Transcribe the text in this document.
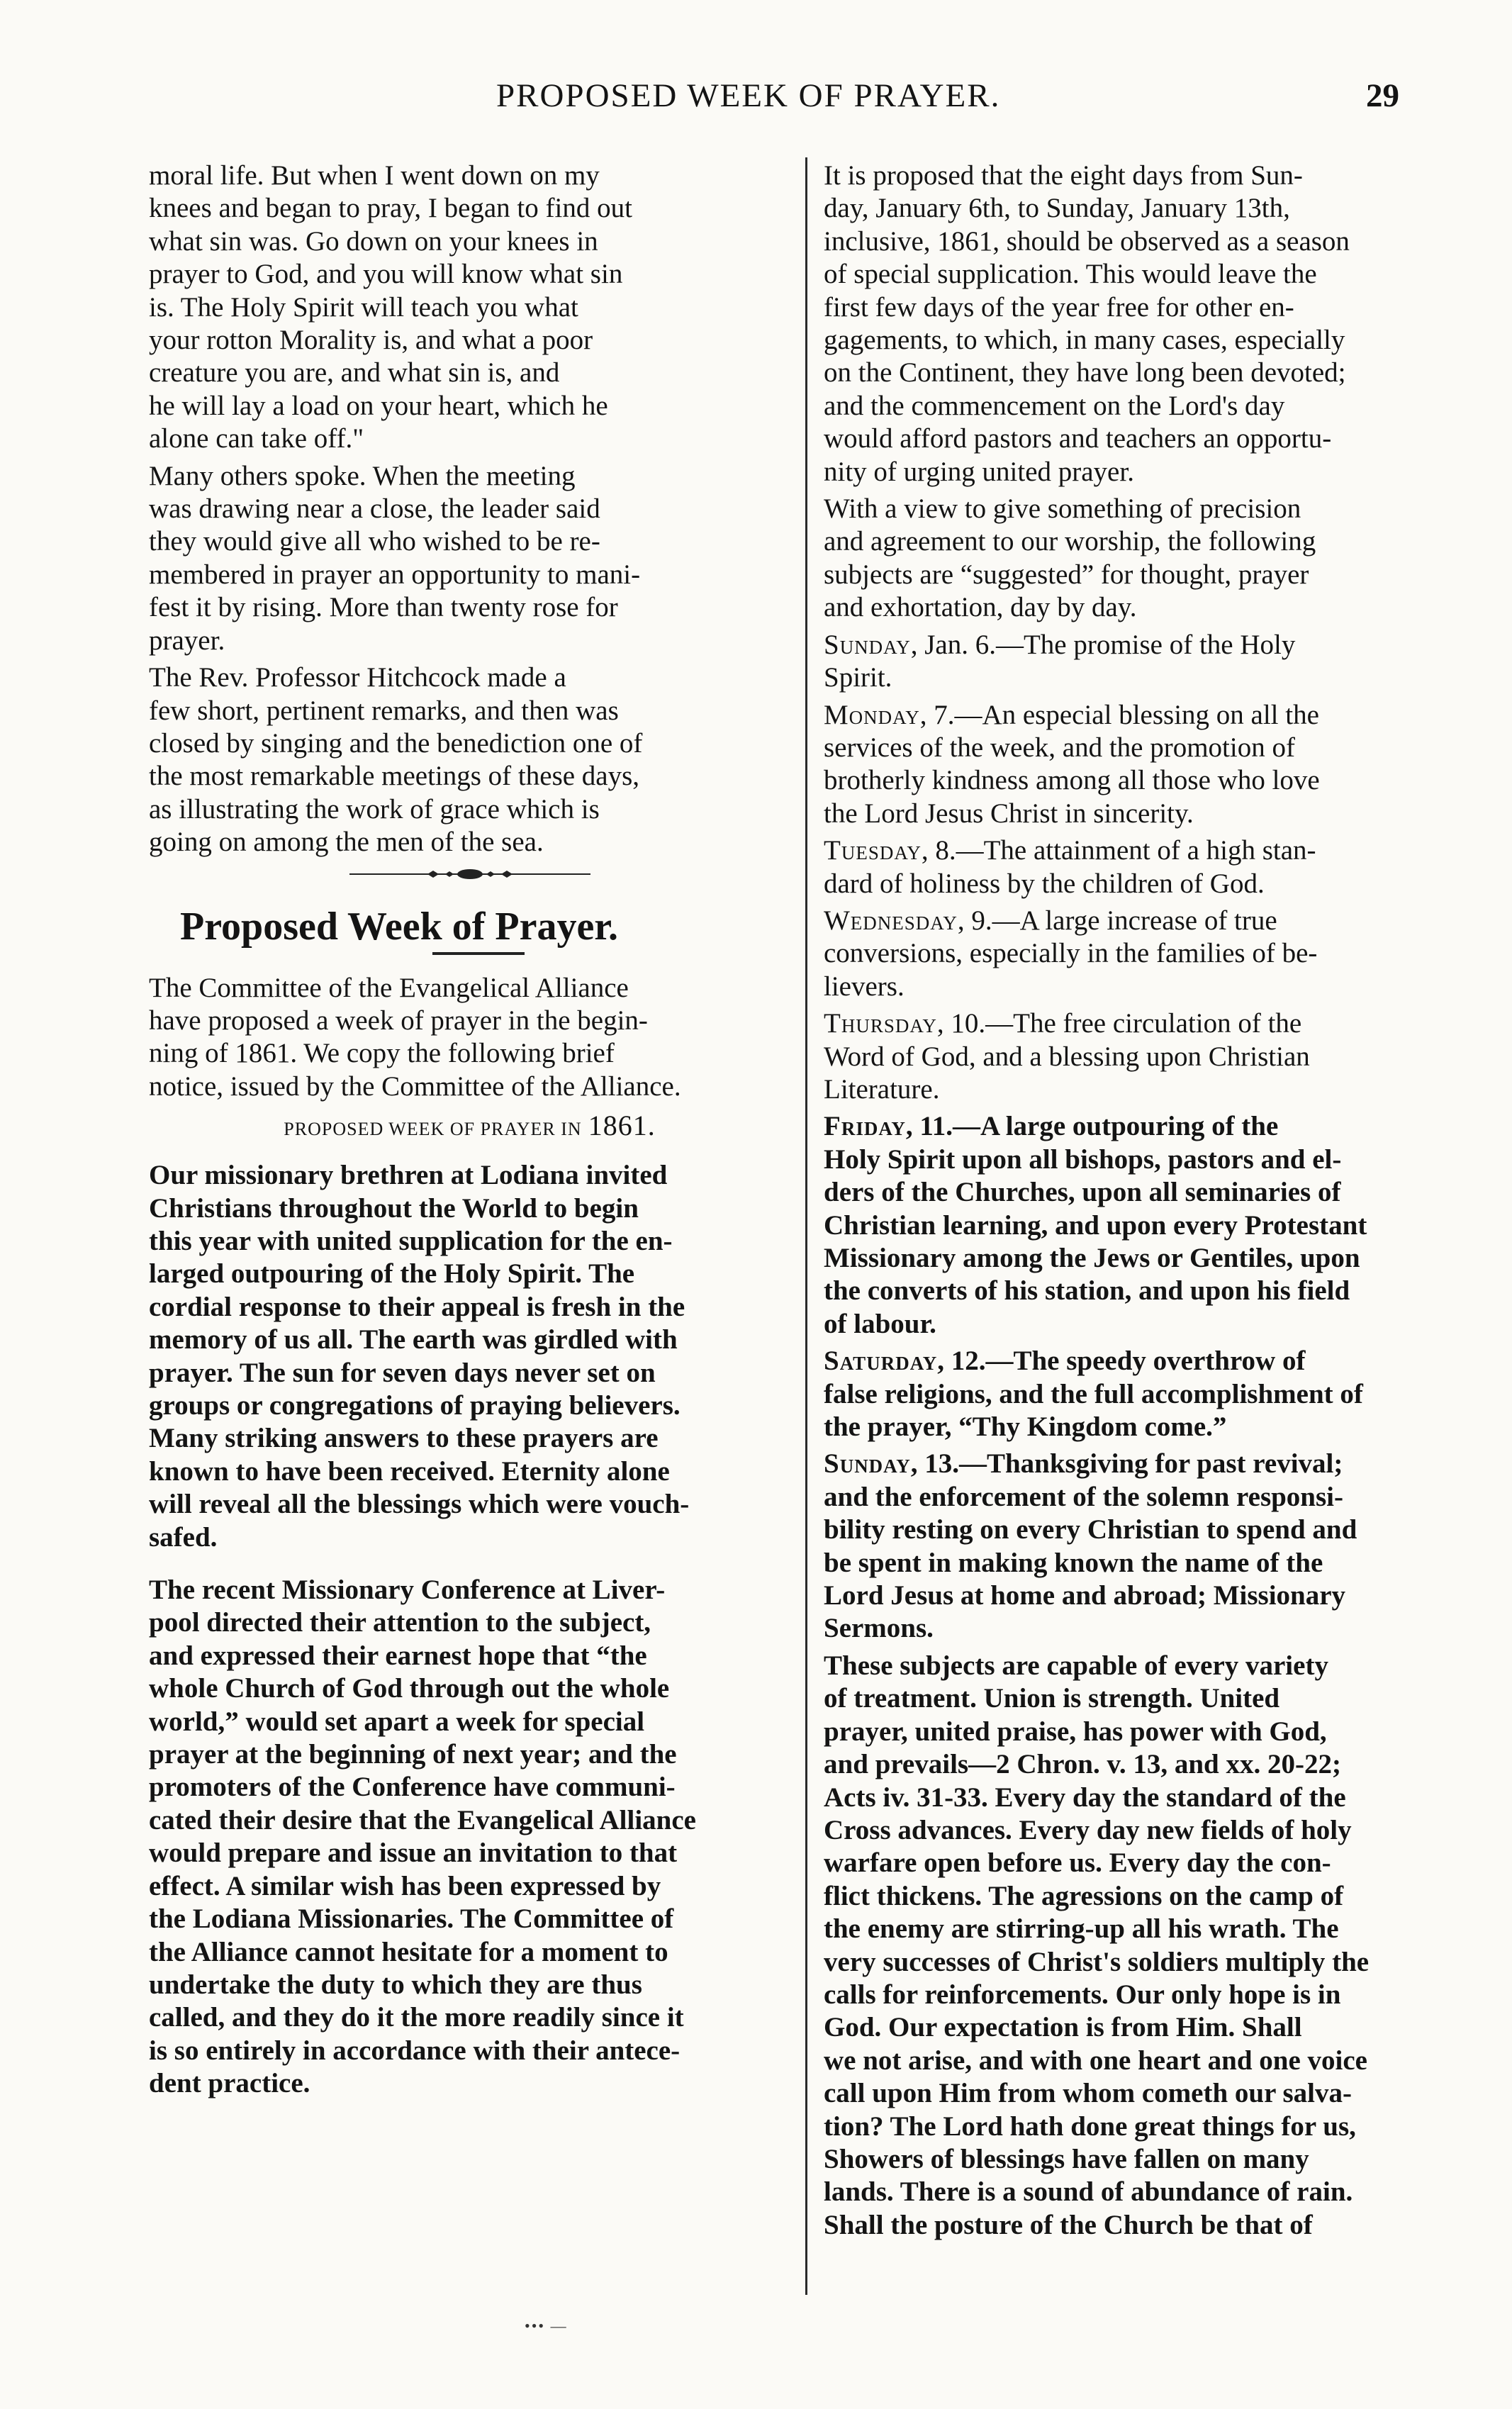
PROPOSED WEEK OF PRAYER.	29

moral life. But when I went down on my
knees and began to pray, I began to find out
what sin was. Go down on your knees in
prayer to God, and you will know what sin
is. The Holy Spirit will teach you what
your rotton Morality is, and what a poor
creature you are, and what sin is, and
he will lay a load on your heart, which he
alone can take off."

Many others spoke. When the meeting
was drawing near a close, the leader said
they would give all who wished to be re-
membered in prayer an opportunity to mani-
fest it by rising. More than twenty rose for
prayer.

The Rev. Professor Hitchcock made a
few short, pertinent remarks, and then was
closed by singing and the benediction one of
the most remarkable meetings of these days,
as illustrating the work of grace which is
going on among the men of the sea.

Proposed Week of Prayer.

The Committee of the Evangelical Alliance
have proposed a week of prayer in the begin-
ning of 1861. We copy the following brief
notice, issued by the Committee of the Alliance.

PROPOSED WEEK OF PRAYER IN 1861.

Our missionary brethren at Lodiana invited
Christians throughout the World to begin
this year with united supplication for the en-
larged outpouring of the Holy Spirit. The
cordial response to their appeal is fresh in the
memory of us all. The earth was girdled with
prayer. The sun for seven days never set on
groups or congregations of praying believers.
Many striking answers to these prayers are
known to have been received. Eternity alone
will reveal all the blessings which were vouch-
safed.

The recent Missionary Conference at Liver-
pool directed their attention to the subject,
and expressed their earnest hope that “the
whole Church of God through out the whole
world,” would set apart a week for special
prayer at the beginning of next year; and the
promoters of the Conference have communi-
cated their desire that the Evangelical Alliance
would prepare and issue an invitation to that
effect. A similar wish has been expressed by
the Lodiana Missionaries. The Committee of
the Alliance cannot hesitate for a moment to
undertake the duty to which they are thus
called, and they do it the more readily since it
is so entirely in accordance with their antece-
dent practice.

It is proposed that the eight days from Sun-
day, January 6th, to Sunday, January 13th,
inclusive, 1861, should be observed as a season
of special supplication. This would leave the
first few days of the year free for other en-
gagements, to which, in many cases, especially
on the Continent, they have long been devoted;
and the commencement on the Lord's day
would afford pastors and teachers an opportu-
nity of urging united prayer.

With a view to give something of precision
and agreement to our worship, the following
subjects are “suggested” for thought, prayer
and exhortation, day by day.

Sunday, Jan. 6.—The promise of the Holy
Spirit.

Monday, 7.—An especial blessing on all the
services of the week, and the promotion of
brotherly kindness among all those who love
the Lord Jesus Christ in sincerity.

Tuesday, 8.—The attainment of a high stan-
dard of holiness by the children of God.

Wednesday, 9.—A large increase of true
conversions, especially in the families of be-
lievers.

Thursday, 10.—The free circulation of the
Word of God, and a blessing upon Christian
Literature.

Friday, 11.—A large outpouring of the
Holy Spirit upon all bishops, pastors and el-
ders of the Churches, upon all seminaries of
Christian learning, and upon every Protestant
Missionary among the Jews or Gentiles, upon
the converts of his station, and upon his field
of labour.

Saturday, 12.—The speedy overthrow of
false religions, and the full accomplishment of
the prayer, “Thy Kingdom come.”

Sunday, 13.—Thanksgiving for past revival;
and the enforcement of the solemn responsi-
bility resting on every Christian to spend and
be spent in making known the name of the
Lord Jesus at home and abroad; Missionary
Sermons.

These subjects are capable of every variety
of treatment. Union is strength. United
prayer, united praise, has power with God,
and prevails—2 Chron. v. 13, and xx. 20-22;
Acts iv. 31-33. Every day the standard of the
Cross advances. Every day new fields of holy
warfare open before us. Every day the con-
flict thickens. The agressions on the camp of
the enemy are stirring-up all his wrath. The
very successes of Christ's soldiers multiply the
calls for reinforcements. Our only hope is in
God. Our expectation is from Him. Shall
we not arise, and with one heart and one voice
call upon Him from whom cometh our salva-
tion? The Lord hath done great things for us,
Showers of blessings have fallen on many
lands. There is a sound of abundance of rain.
Shall the posture of the Church be that of

••• —
